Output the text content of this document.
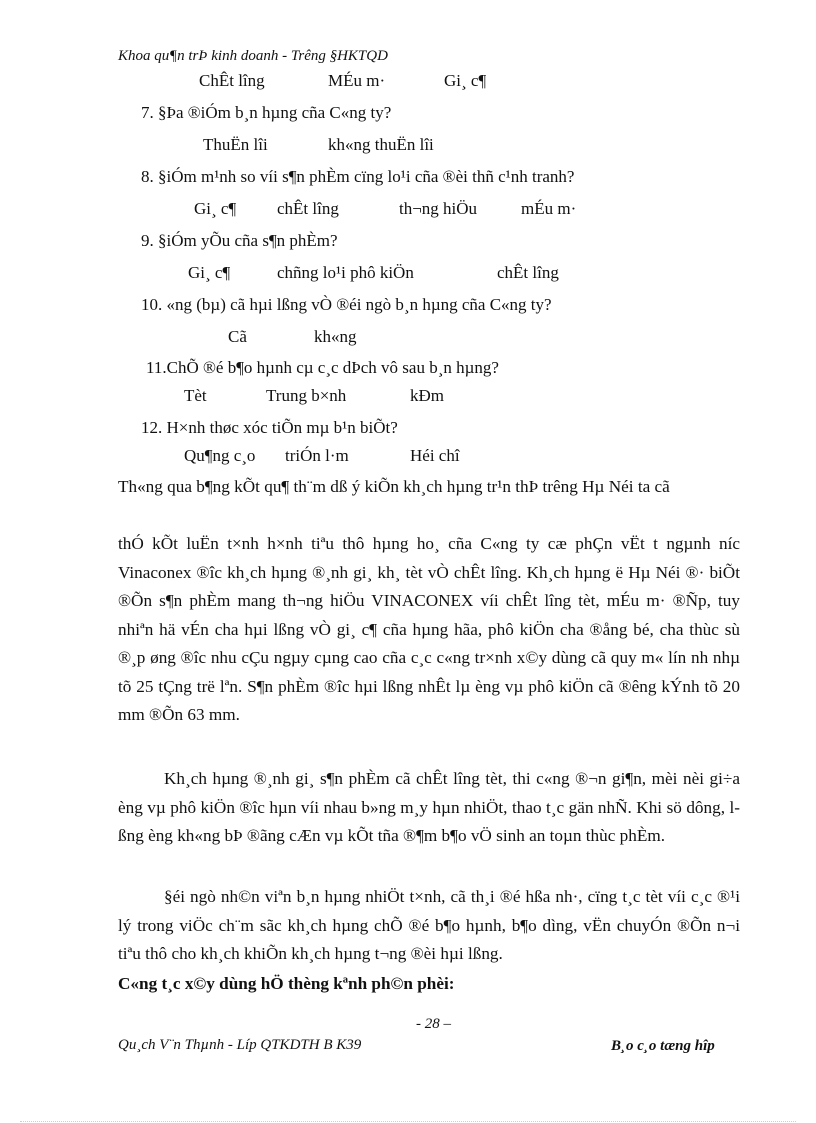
Khoa qu¶n trÞ kinh doanh - Trêng §HKTQD
ChÊt lîng	MÉu m·	Gi¸ c¶
7. §Þa ®iÓm b¸n hµng cña C«ng ty?
ThuËn lîi	kh«ng thuËn lîi
8. §iÓm m¹nh so víi s¶n phÈm cïng lo¹i cña ®èi thñ c¹nh tranh?
Gi¸ c¶ chÊt lîng	th¬ng hiÖu	mÉu m·
9. §iÓm yÕu cña s¶n phÈm?
Gi¸ c¶	chñng lo¹i phô kiÖn	chÊt lîng
10. «ng (bµ) cã hµi lßng vÒ ®éi ngò b¸n hµng cña C«ng ty?
Cã	kh«ng
11.ChÕ ®é b¶o hµnh cµ c¸c dÞch vô sau b¸n hµng?
Tèt	Trung b×nh	kÐm
12. H×nh thøc xóc tiÕn mµ b¹n biÕt?
Qu¶ng c¸o triÓn l·m	Héi chî

Th«ng qua b¶ng kÕt qu¶ th¨m dß ý kiÕn kh¸ch hµng tr¹n thÞ trêng Hµ Néi ta cã

thÓ kÕt luËn t×nh h×nh tiªu thô hµng ho¸ cña C«ng ty cæ phÇn vËt t ngµnh níc Vinaconex ®îc kh¸ch hµng ®¸nh gi¸ kh¸ tèt vÒ chÊt lîng. Kh¸ch hµng ë Hµ Néi ®· biÕt ®Õn s¶n phÈm mang th¬ng hiÖu VINACONEX víi chÊt lîng tèt, mÉu m· ®Ñp, tuy nhiªn hä vÉn cha hµi lßng vÒ gi¸ c¶ cña hµng hãa, phô kiÖn cha ®ång bé, cha thùc sù ®¸p øng ®îc nhu cÇu ngµy cµng cao cña c¸c c«ng tr×nh x©y dùng cã quy m« lín nh nhµ tõ 25 tÇng trë lªn. S¶n phÈm ®îc hµi lßng nhÊt lµ èng vµ phô kiÖn cã ®êng kÝnh tõ 20 mm ®Õn 63 mm.

Kh¸ch hµng ®¸nh gi¸ s¶n phÈm cã chÊt lîng tèt, thi c«ng ®¬n gi¶n, mèi nèi gi÷a èng vµ phô kiÖn ®îc hµn víi nhau b»ng m¸y hµn nhiÖt, thao t¸c gän nhÑ. Khi sö dông, lßng èng kh«ng bÞ ®ãng cÆn vµ kÕt tña ®¶m b¶o vÖ sinh an toµn thùc phÈm.

§éi ngò nh©n viªn b¸n hµng nhiÖt t×nh, cã th¸i ®é hßa nh·, cïng t¸c tèt víi c¸c ®¹i lý trong viÖc ch¨m sãc kh¸ch hµng chÕ ®é b¶o hµnh, b¶o dìng, vËn chuyÓn ®Õn n¬i tiªu thô cho kh¸ch khiÕn kh¸ch hµng t¬ng ®èi hµi lßng.

C«ng t¸c x©y dùng hÖ thèng kªnh ph©n phèi:

- 28 –
Qu¸ch V¨n Thµnh - Líp QTKDTH B K39	B¸o c¸o tæng hîp
